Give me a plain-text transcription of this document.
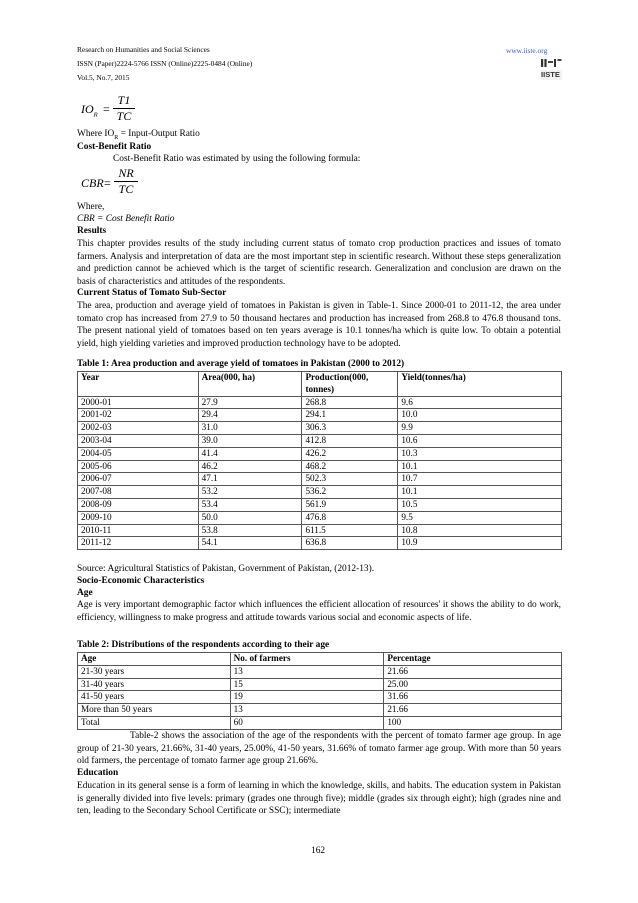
Research on Humanities and Social Sciences
ISSN (Paper)2224-5766 ISSN (Online)2225-0484 (Online)
Vol.5, No.7, 2015
www.iiste.org
IISTE
$IO_R = \frac{T1}{TC}$
Where $IO_R$ = Input-Output Ratio
Cost-Benefit Ratio
Cost-Benefit Ratio was estimated by using the following formula:
CBR = $\frac{NR}{TC}$
Where,
CBR = Cost Benefit Ratio
Results
This chapter provides results of the study including current status of tomato crop production practices and issues of tomato farmers. Analysis and interpretation of data are the most important step in scientific research. Without these steps generalization and prediction cannot be achieved which is the target of scientific research. Generalization and conclusion are drawn on the basis of characteristics and attitudes of the respondents.
Current Status of Tomato Sub-Sector
The area, production and average yield of tomatoes in Pakistan is given in Table-1. Since 2000-01 to 2011-12, the area under tomato crop has increased from 27.9 to 50 thousand hectares and production has increased from 268.8 to 476.8 thousand tons. The present national yield of tomatoes based on ten years average is 10.1 tonnes/ha which is quite low. To obtain a potential yield, high yielding varieties and improved production technology have to be adopted.
Table 1: Area production and average yield of tomatoes in Pakistan (2000 to 2012)
Year	Area(000, ha)	Production(000, tonnes)	Yield(tonnes/ha)
2000-01	27.9	268.8	9.6
2001-02	29.4	294.1	10.0
2002-03	31.0	306.3	9.9
2003-04	39.0	412.8	10.6
2004-05	41.4	426.2	10.3
2005-06	46.2	468.2	10.1
2006-07	47.1	502.3	10.7
2007-08	53.2	536.2	10.1
2008-09	53.4	561.9	10.5
2009-10	50.0	476.8	9.5
2010-11	53.8	611.5	10.8
2011-12	54.1	636.8	10.9
Source: Agricultural Statistics of Pakistan, Government of Pakistan, (2012-13).
Socio-Economic Characteristics
Age
Age is very important demographic factor which influences the efficient allocation of resources' it shows the ability to do work, efficiency, willingness to make progress and attitude towards various social and economic aspects of life.
Table 2: Distributions of the respondents according to their age
Age	No. of farmers	Percentage
21-30 years	13	21.66
31-40 years	15	25.00
41-50 years	19	31.66
More than 50 years	13	21.66
Total	60	100
Table-2 shows the association of the age of the respondents with the percent of tomato farmer age group. In age group of 21-30 years, 21.66%, 31-40 years, 25.00%, 41-50 years, 31.66% of tomato farmer age group. With more than 50 years old farmers, the percentage of tomato farmer age group 21.66%.
Education
Education in its general sense is a form of learning in which the knowledge, skills, and habits. The education system in Pakistan is generally divided into five levels: primary (grades one through five); middle (grades six through eight); high (grades nine and ten, leading to the Secondary School Certificate or SSC); intermediate
162
